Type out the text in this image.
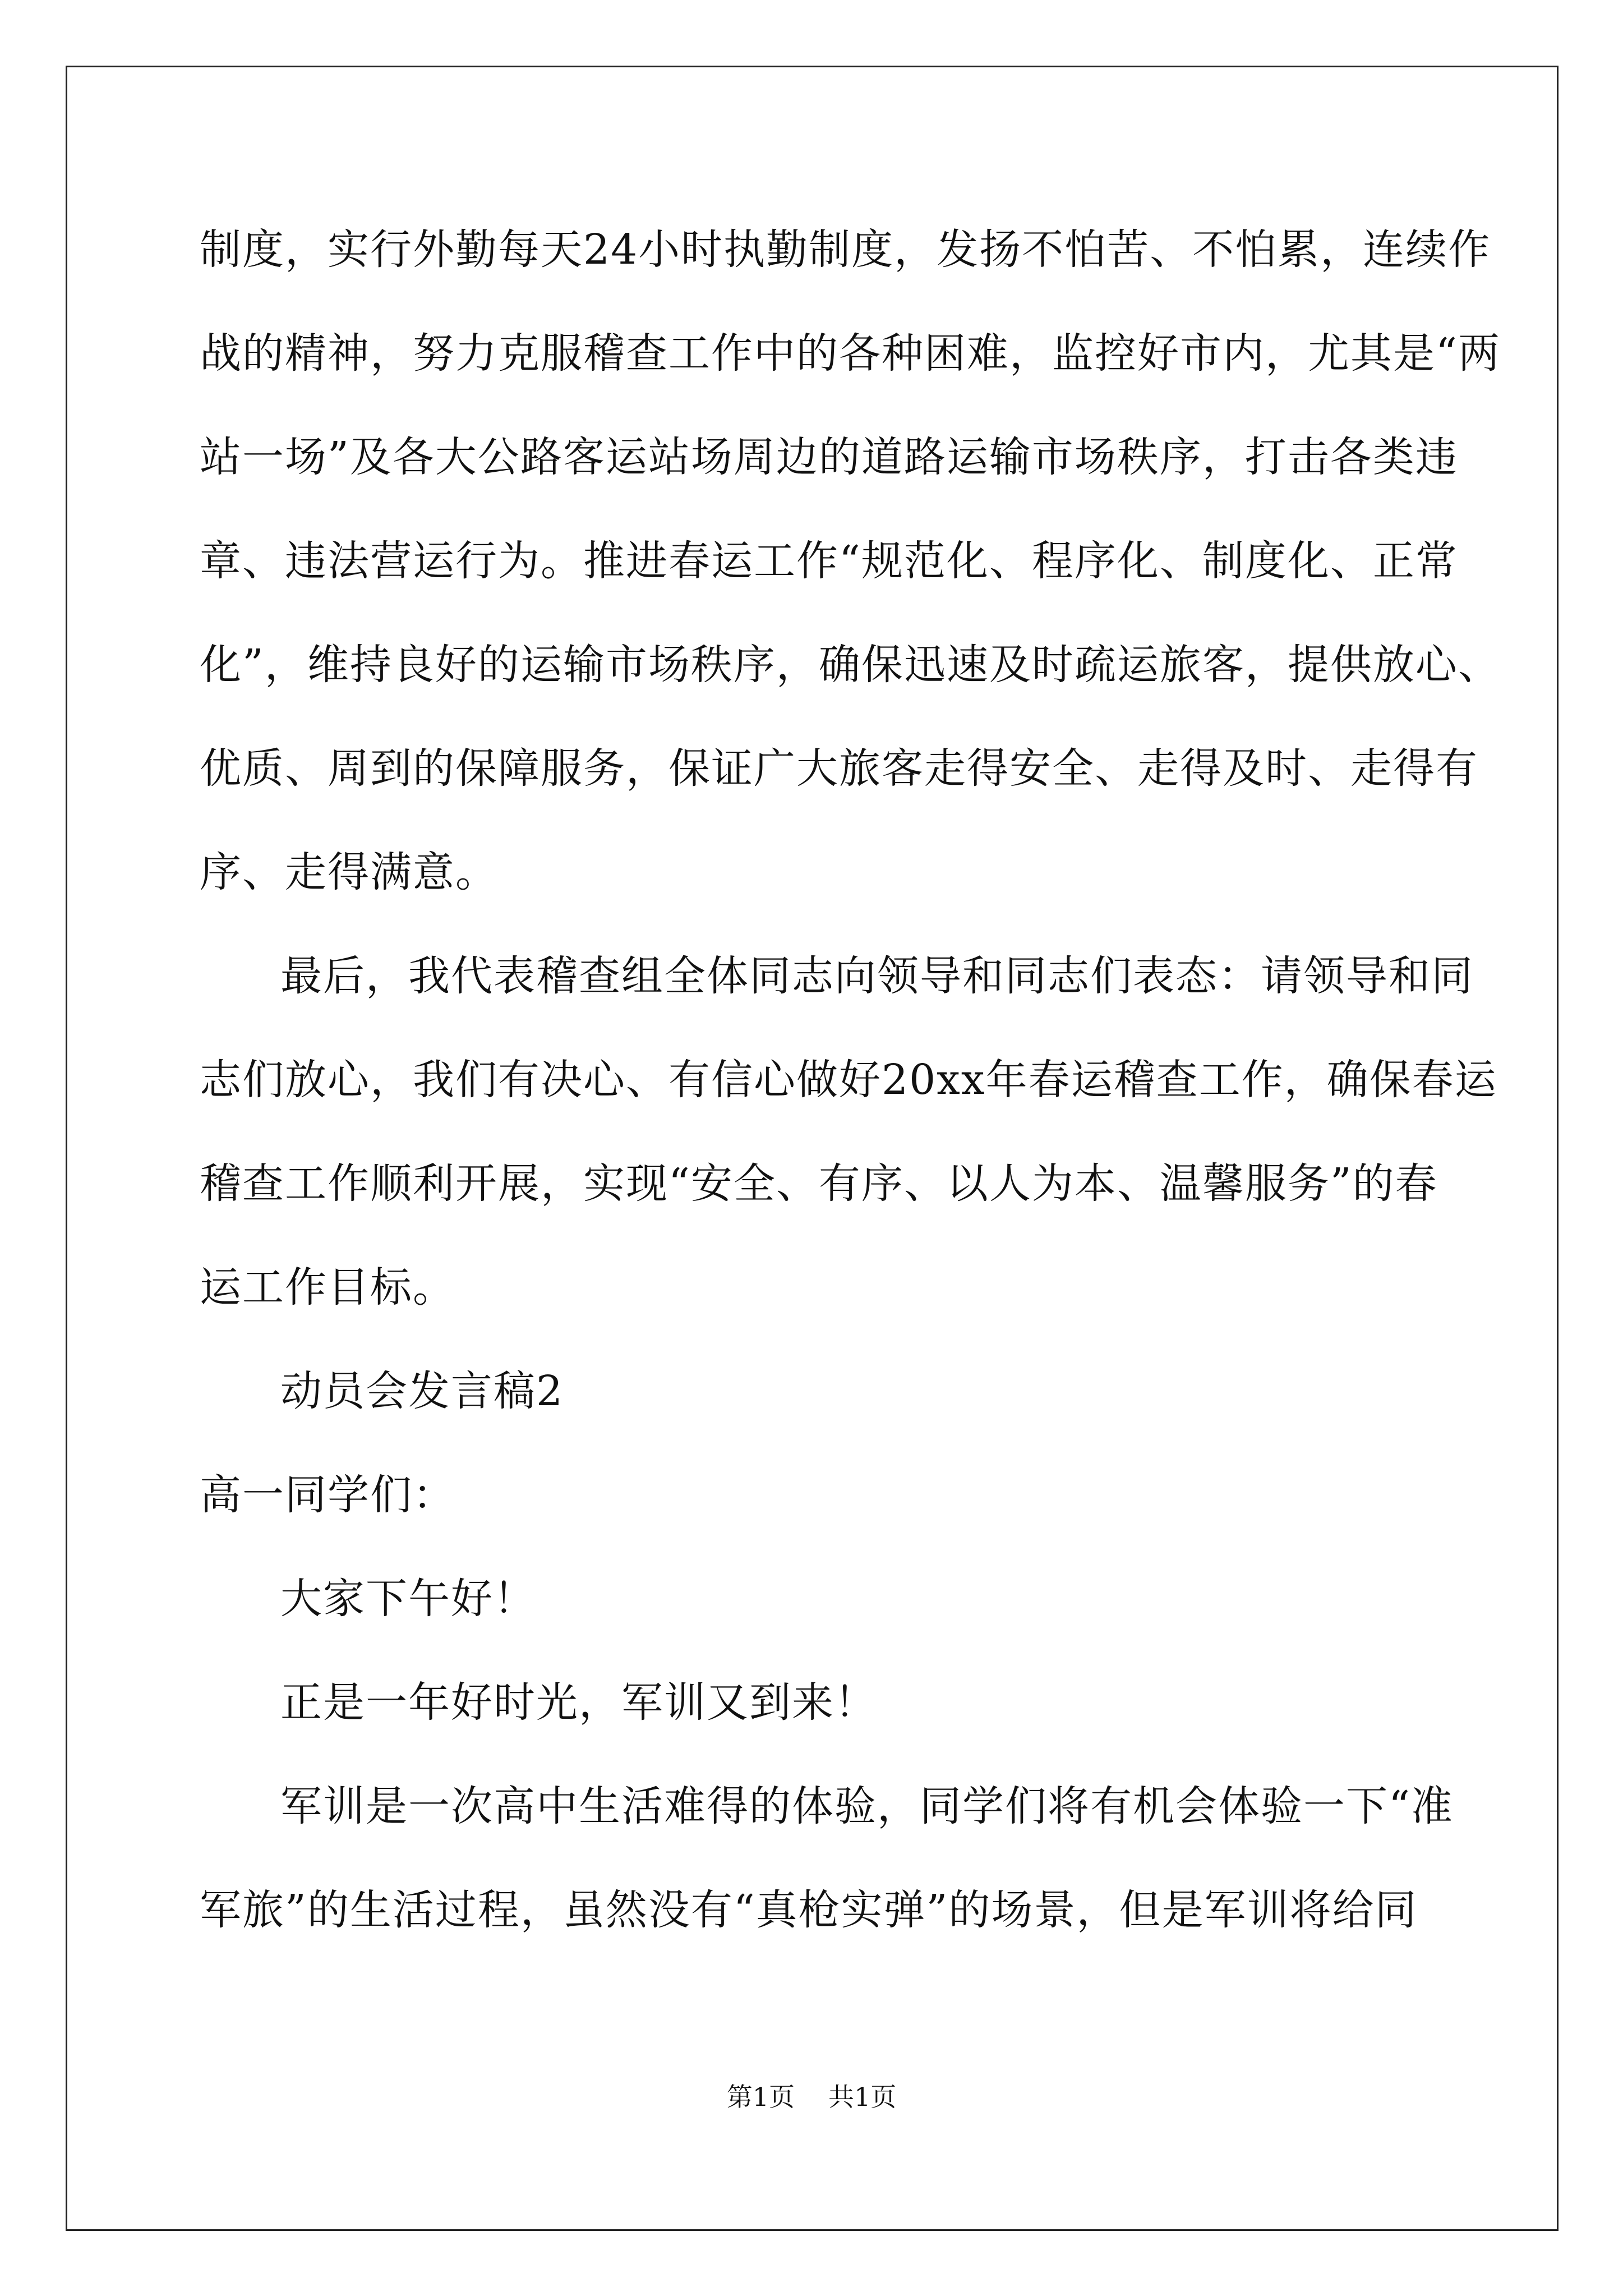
制度，实行外勤每天24小时执勤制度，发扬不怕苦、不怕累，连续作
战的精神，努力克服稽查工作中的各种困难，监控好市内，尤其是“两
站一场”及各大公路客运站场周边的道路运输市场秩序，打击各类违
章、违法营运行为。推进春运工作“规范化、程序化、制度化、正常
化”，维持良好的运输市场秩序，确保迅速及时疏运旅客，提供放心、
优质、周到的保障服务，保证广大旅客走得安全、走得及时、走得有
序、走得满意。
最后，我代表稽查组全体同志向领导和同志们表态：请领导和同
志们放心，我们有决心、有信心做好20xx年春运稽查工作，确保春运
稽查工作顺利开展，实现“安全、有序、以人为本、温馨服务”的春
运工作目标。
动员会发言稿2
高一同学们：
大家下午好！
正是一年好时光，军训又到来！
军训是一次高中生活难得的体验，同学们将有机会体验一下“准
军旅”的生活过程，虽然没有“真枪实弹”的场景，但是军训将给同
第1页 共1页
